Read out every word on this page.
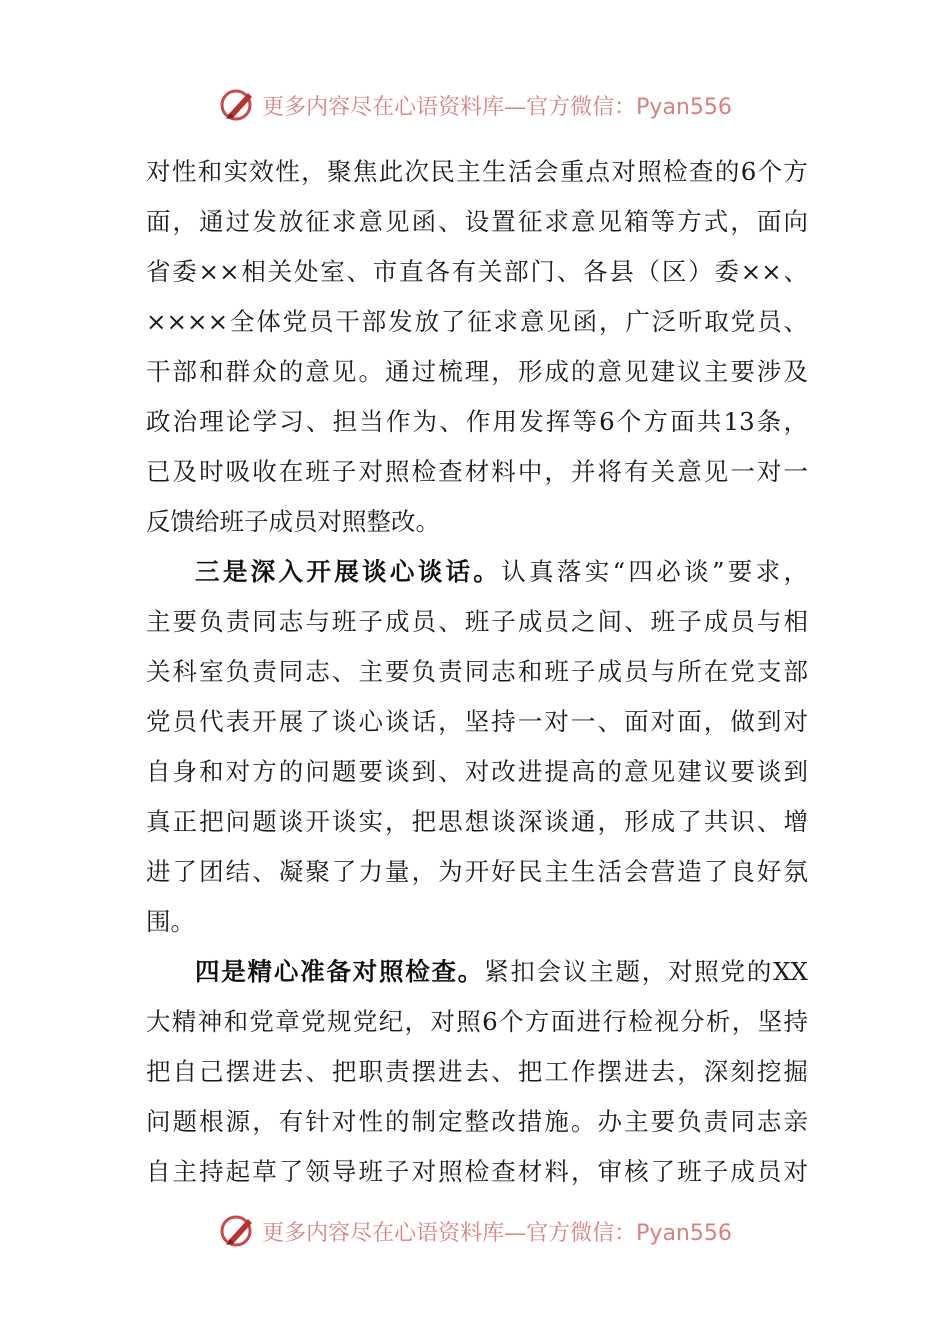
更多内容尽在心语资料库—官方微信：Pyan556
对性和实效性，聚焦此次民主生活会重点对照检查的6个方
面，通过发放征求意见函、设置征求意见箱等方式，面向
省委××相关处室、市直各有关部门、各县（区）委××、
××××全体党员干部发放了征求意见函，广泛听取党员、
干部和群众的意见。通过梳理，形成的意见建议主要涉及
政治理论学习、担当作为、作用发挥等6个方面共13条，
已及时吸收在班子对照检查材料中，并将有关意见一对一
反馈给班子成员对照整改。
三是深入开展谈心谈话。认真落实“四必谈”要求，
主要负责同志与班子成员、班子成员之间、班子成员与相
关科室负责同志、主要负责同志和班子成员与所在党支部
党员代表开展了谈心谈话，坚持一对一、面对面，做到对
自身和对方的问题要谈到、对改进提高的意见建议要谈到
真正把问题谈开谈实，把思想谈深谈通，形成了共识、增
进了团结、凝聚了力量，为开好民主生活会营造了良好氛
围。
四是精心准备对照检查。紧扣会议主题，对照党的XX
大精神和党章党规党纪，对照6个方面进行检视分析，坚持
把自己摆进去、把职责摆进去、把工作摆进去，深刻挖掘
问题根源，有针对性的制定整改措施。办主要负责同志亲
自主持起草了领导班子对照检查材料，审核了班子成员对
更多内容尽在心语资料库—官方微信：Pyan556
